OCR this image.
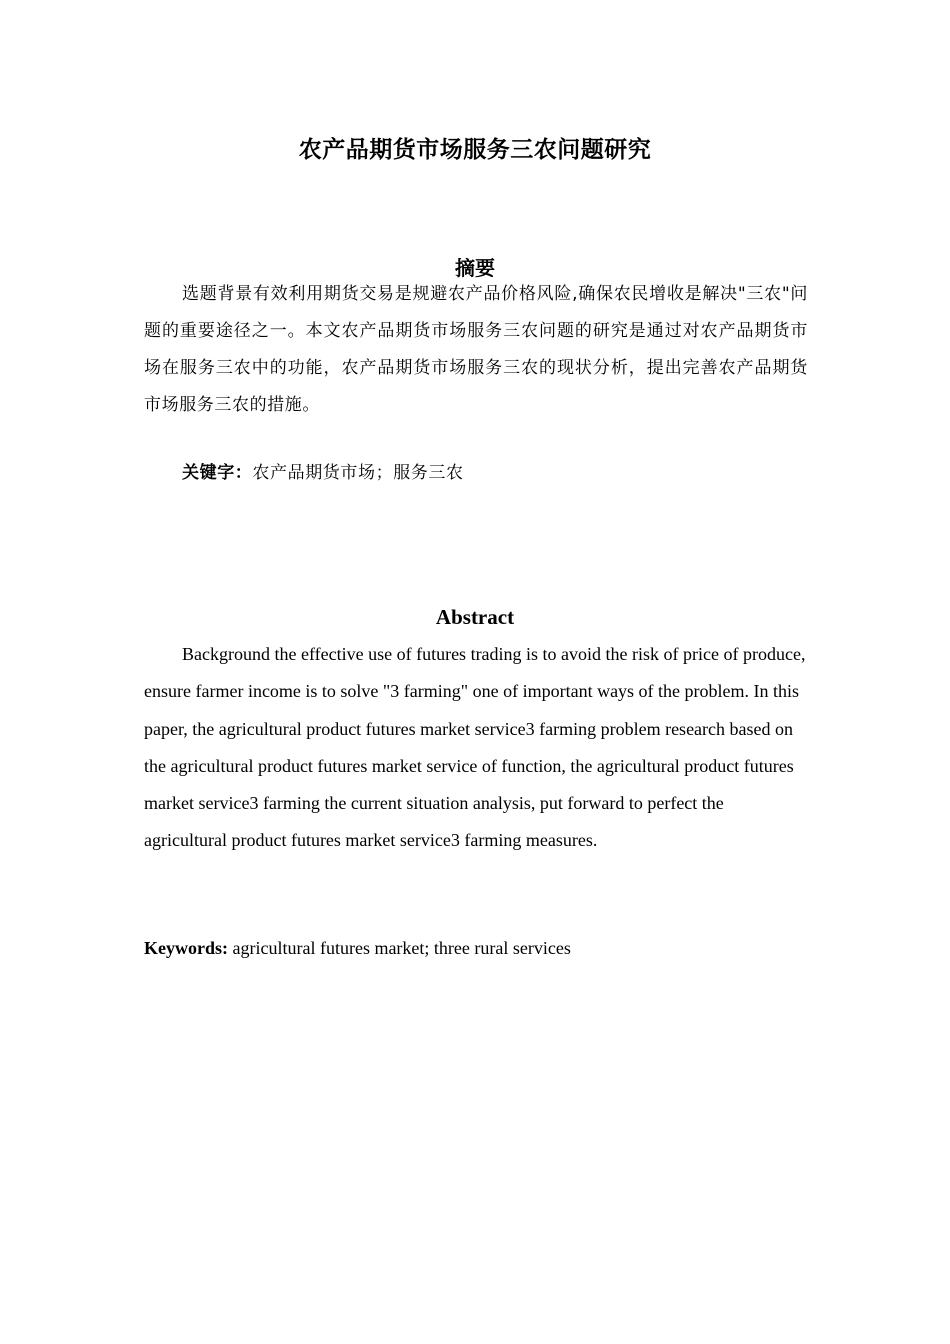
农产品期货市场服务三农问题研究
摘要

选题背景有效利用期货交易是规避农产品价格风险,确保农民增收是解决"三农"问题的重要途径之一。本文农产品期货市场服务三农问题的研究是通过对农产品期货市场在服务三农中的功能，农产品期货市场服务三农的现状分析，提出完善农产品期货市场服务三农的措施。

关键字：农产品期货市场；服务三农
Abstract

Background the effective use of futures trading is to avoid the risk of price of produce, ensure farmer income is to solve "3 farming" one of important ways of the problem. In this paper, the agricultural product futures market service3 farming problem research based on the agricultural product futures market service of function, the agricultural product futures market service3 farming the current situation analysis, put forward to perfect the agricultural product futures market service3 farming measures.

Keywords: agricultural futures market; three rural services
